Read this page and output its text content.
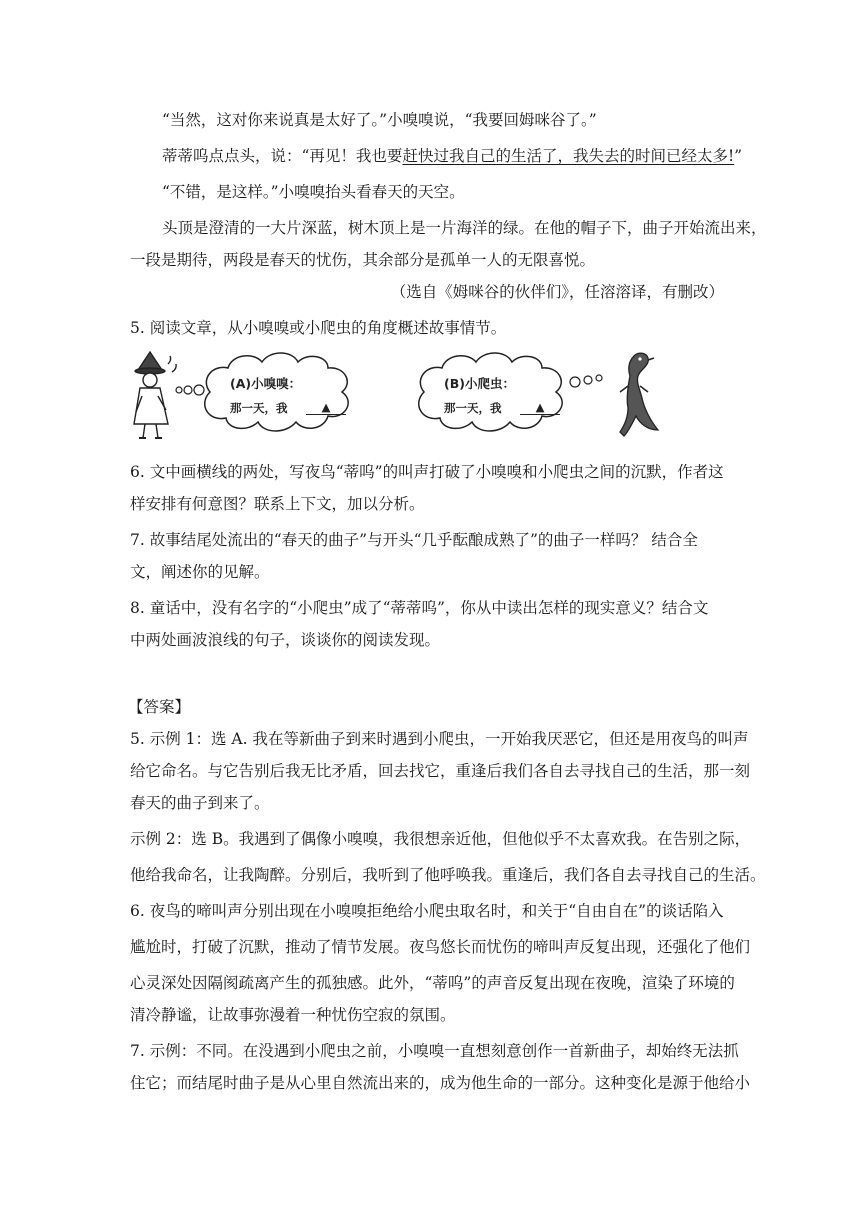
“当然，这对你来说真是太好了。”小嗅嗅说，“我要回姆咪谷了。”
蒂蒂呜点点头，说：“再见！我也要赶快过我自己的生活了，我失去的时间已经太多!”
“不错，是这样。”小嗅嗅抬头看春天的天空。
头顶是澄清的一大片深蓝，树木顶上是一片海洋的绿。在他的帽子下，曲子开始流出来，
一段是期待，两段是春天的忧伤，其余部分是孤单一人的无限喜悦。
（选自《姆咪谷的伙伴们》，任溶溶译，有删改）
5. 阅读文章，从小嗅嗅或小爬虫的角度概述故事情节。
(A)小嗅嗅：
那一天，我	▲
(B)小爬虫：
那一天，我	▲
6. 文中画横线的两处，写夜鸟“蒂呜”的叫声打破了小嗅嗅和小爬虫之间的沉默，作者这
样安排有何意图？联系上下文，加以分析。
7. 故事结尾处流出的“春天的曲子”与开头“几乎酝酿成熟了”的曲子一样吗？ 结合全
文，阐述你的见解。
8. 童话中，没有名字的“小爬虫”成了“蒂蒂呜”，你从中读出怎样的现实意义？结合文
中两处画波浪线的句子，谈谈你的阅读发现。
【答案】
5. 示例 1：选 A. 我在等新曲子到来时遇到小爬虫，一开始我厌恶它，但还是用夜鸟的叫声
给它命名。与它告别后我无比矛盾，回去找它，重逢后我们各自去寻找自己的生活，那一刻
春天的曲子到来了。
示例 2：选 B。我遇到了偶像小嗅嗅，我很想亲近他，但他似乎不太喜欢我。在告别之际，
他给我命名，让我陶醉。分别后，我听到了他呼唤我。重逢后，我们各自去寻找自己的生活。
6. 夜鸟的啼叫声分别出现在小嗅嗅拒绝给小爬虫取名时，和关于“自由自在”的谈话陷入
尴尬时，打破了沉默，推动了情节发展。夜鸟悠长而忧伤的啼叫声反复出现，还强化了他们
心灵深处因隔阂疏离产生的孤独感。此外，“蒂呜”的声音反复出现在夜晚，渲染了环境的
清冷静谧，让故事弥漫着一种忧伤空寂的氛围。
7. 示例：不同。在没遇到小爬虫之前，小嗅嗅一直想刻意创作一首新曲子，却始终无法抓
住它；而结尾时曲子是从心里自然流出来的，成为他生命的一部分。这种变化是源于他给小
